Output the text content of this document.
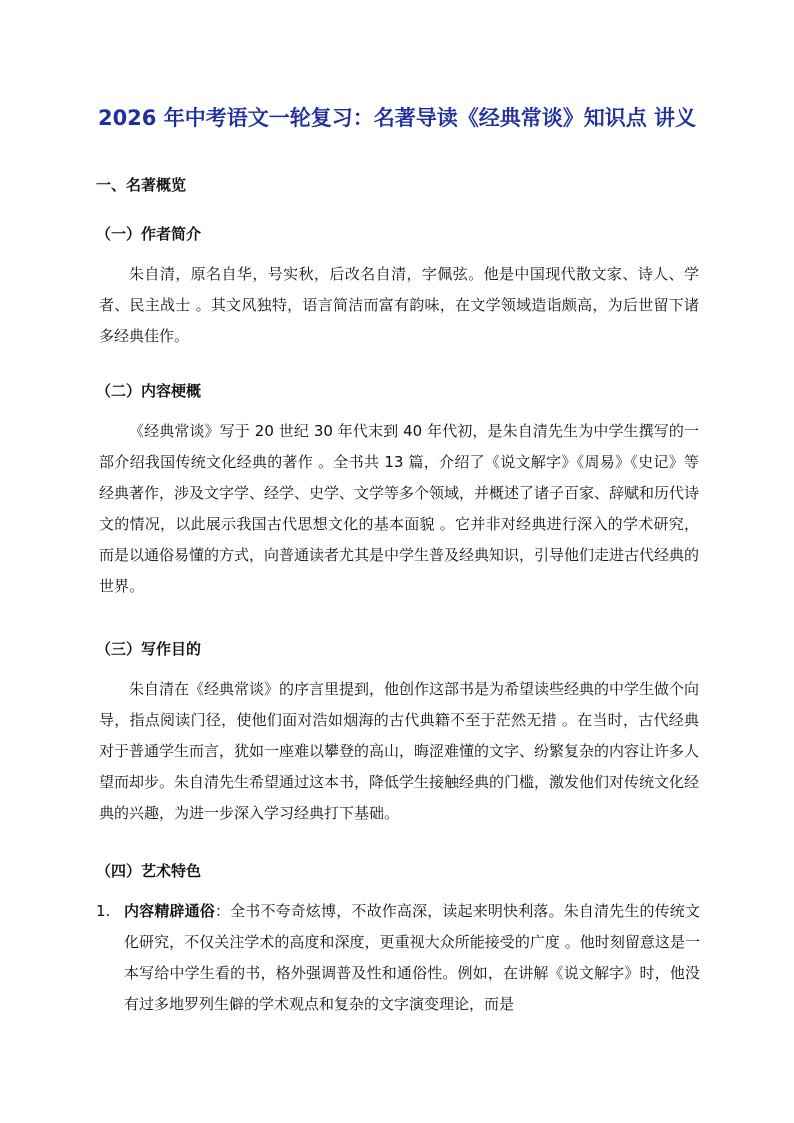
2026 年中考语文一轮复习：名著导读《经典常谈》知识点 讲义
一、名著概览
（一）作者简介

朱自清，原名自华，号实秋，后改名自清，字佩弦。他是中国现代散文家、诗人、学者、民主战士 。其文风独特，语言简洁而富有韵味，在文学领域造诣颇高，为后世留下诸多经典佳作。

（二）内容梗概

《经典常谈》写于 20 世纪 30 年代末到 40 年代初，是朱自清先生为中学生撰写的一部介绍我国传统文化经典的著作 。全书共 13 篇，介绍了《说文解字》《周易》《史记》等经典著作，涉及文字学、经学、史学、文学等多个领域，并概述了诸子百家、辞赋和历代诗文的情况，以此展示我国古代思想文化的基本面貌 。它并非对经典进行深入的学术研究，而是以通俗易懂的方式，向普通读者尤其是中学生普及经典知识，引导他们走进古代经典的世界。

（三）写作目的

朱自清在《经典常谈》的序言里提到，他创作这部书是为希望读些经典的中学生做个向导，指点阅读门径，使他们面对浩如烟海的古代典籍不至于茫然无措 。在当时，古代经典对于普通学生而言，犹如一座难以攀登的高山，晦涩难懂的文字、纷繁复杂的内容让许多人望而却步。朱自清先生希望通过这本书，降低学生接触经典的门槛，激发他们对传统文化经典的兴趣，为进一步深入学习经典打下基础。

（四）艺术特色
1. 内容精辟通俗：全书不夸奇炫博，不故作高深，读起来明快利落。朱自清先生的传统文化研究，不仅关注学术的高度和深度，更重视大众所能接受的广度 。他时刻留意这是一本写给中学生看的书，格外强调普及性和通俗性。例如，在讲解《说文解字》时，他没有过多地罗列生僻的学术观点和复杂的文字演变理论，而是
